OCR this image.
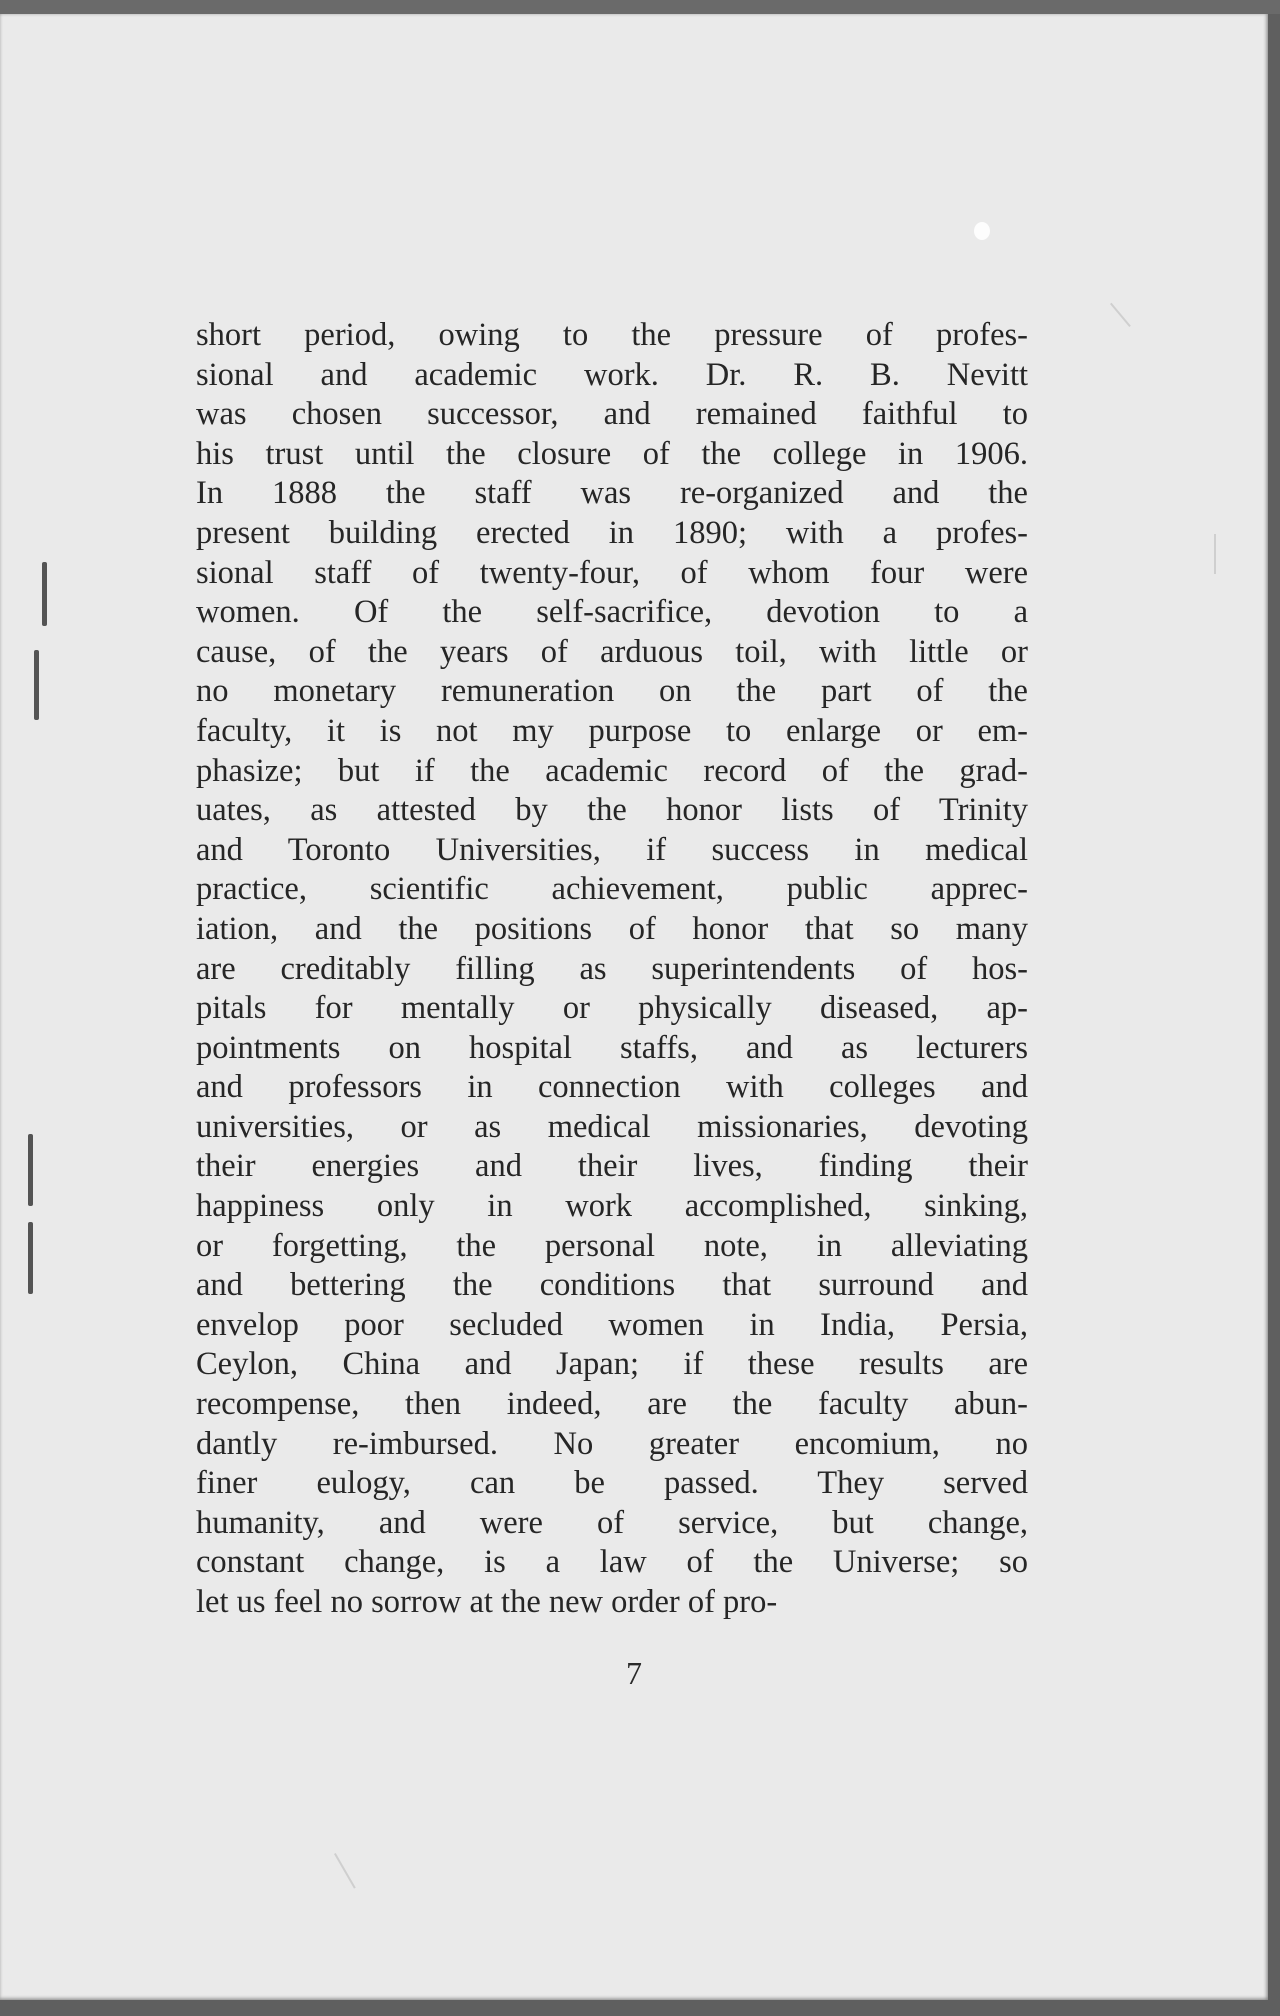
short period, owing to the pressure of profes-
sional and academic work. Dr. R. B. Nevitt
was chosen successor, and remained faithful to
his trust until the closure of the college in 1906.
In 1888 the staff was re-organized and the
present building erected in 1890; with a profes-
sional staff of twenty-four, of whom four were
women. Of the self-sacrifice, devotion to a
cause, of the years of arduous toil, with little or
no monetary remuneration on the part of the
faculty, it is not my purpose to enlarge or em-
phasize; but if the academic record of the grad-
uates, as attested by the honor lists of Trinity
and Toronto Universities, if success in medical
practice, scientific achievement, public apprec-
iation, and the positions of honor that so many
are creditably filling as superintendents of hos-
pitals for mentally or physically diseased, ap-
pointments on hospital staffs, and as lecturers
and professors in connection with colleges and
universities, or as medical missionaries, devoting
their energies and their lives, finding their
happiness only in work accomplished, sinking,
or forgetting, the personal note, in alleviating
and bettering the conditions that surround and
envelop poor secluded women in India, Persia,
Ceylon, China and Japan; if these results are
recompense, then indeed, are the faculty abun-
dantly re-imbursed. No greater encomium, no
finer eulogy, can be passed. They served
humanity, and were of service, but change,
constant change, is a law of the Universe; so
let us feel no sorrow at the new order of pro-
7
